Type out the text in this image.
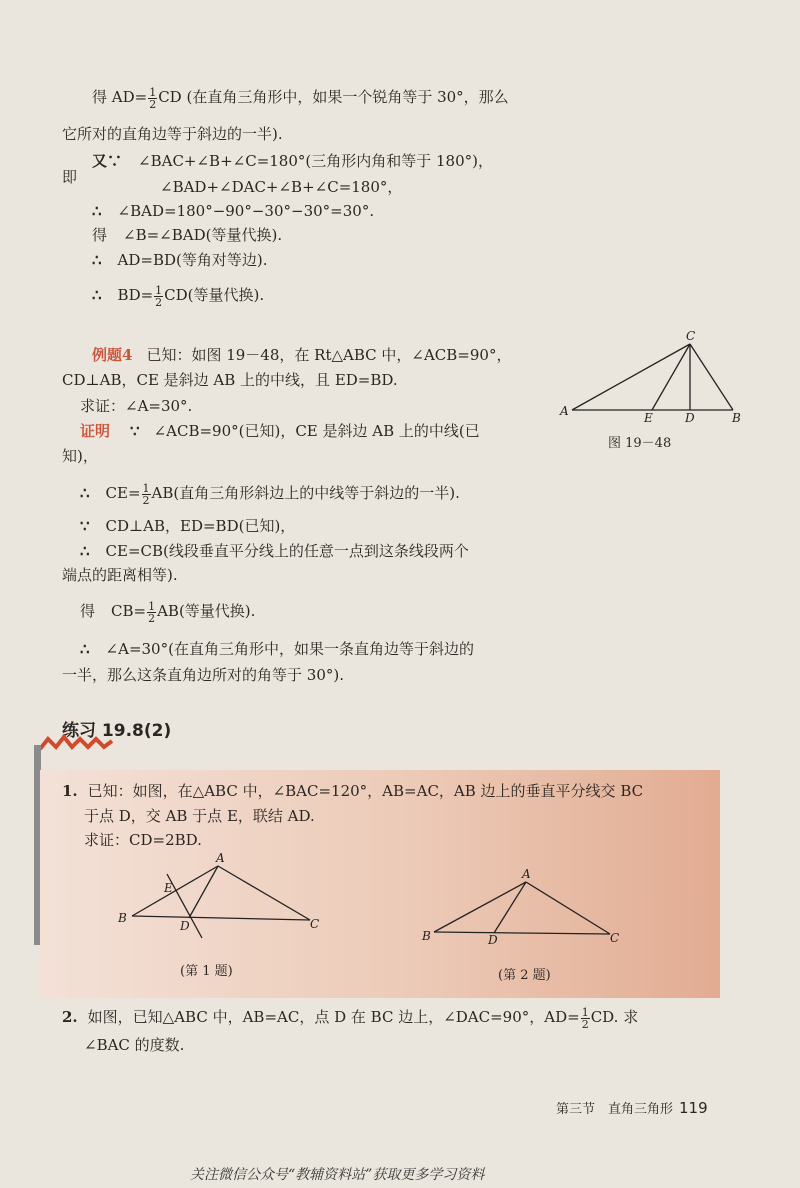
得 $AD= \frac{1}{2}$ CD (在直角三角形中，如果一个锐角等于 30°，那么
它所对的直角边等于斜边的一半).
又∵ ∠BAC+∠B+∠C=180°(三角形内角和等于 180°)，
即
∠BAD+∠DAC+∠B+∠C=180°，
∴ ∠BAD=180°−90°−30°−30°=30°.
得 ∠B=∠BAD(等量代换).
∴ AD=BD(等角对等边).
∴ $BD= \frac{1}{2} CD$(等量代换).
例题4 已知：如图 19－48，在 Rt△ABC 中，∠ACB=90°，
CD⊥AB，CE 是斜边 AB 上的中线，且 ED=BD.
求证：∠A=30°.
证明 ∵ ∠ACB=90°(已知)，CE 是斜边 AB 上的中线(已
知)，
∴ $CE= \frac{1}{2} AB$(直角三角形斜边上的中线等于斜边的一半).
∵ CD⊥AB，ED=BD(已知)，
∴ CE=CB(线段垂直平分线上的任意一点到这条线段两个
端点的距离相等).
得 $CB= \frac{1}{2} AB$(等量代换).
∴ ∠A=30°(在直角三角形中，如果一条直角边等于斜边的
一半，那么这条直角边所对的角等于 30°).
C
A	E	D	B
图 19－48
练习 19.8(2)
1. 已知：如图，在△ABC 中，∠BAC=120°，AB=AC，AB 边上的垂直平分线交 BC
于点 D，交 AB 于点 E，联结 AD.
求证：CD=2BD.
A
E
B
D	C
(第 1 题)
A
B	D	C
(第 2 题)
2. 如图，已知△ABC 中，AB=AC，点 D 在 BC 边上，∠DAC=90°，$AD= \frac{1}{2}$ CD. 求
∠BAC 的度数.
第三节　直角三角形 119
关注微信公众号“教辅资料站”获取更多学习资料
